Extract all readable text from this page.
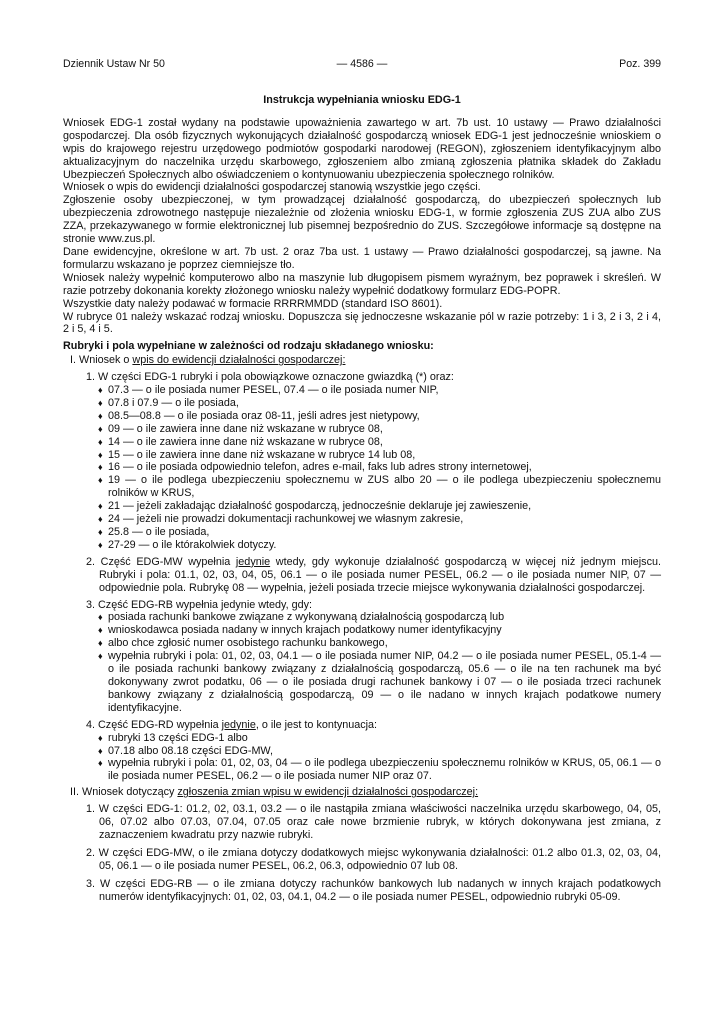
Dziennik Ustaw Nr 50	— 4586 —	Poz. 399
Instrukcja wypełniania wniosku EDG-1

Wniosek EDG-1 został wydany na podstawie upoważnienia zawartego w art. 7b ust. 10 ustawy — Prawo działalności gospodarczej. Dla osób fizycznych wykonujących działalność gospodarczą wniosek EDG-1 jest jednocześnie wnioskiem o wpis do krajowego rejestru urzędowego podmiotów gospodarki narodowej (REGON), zgłoszeniem identyfikacyjnym albo aktualizacyjnym do naczelnika urzędu skarbowego, zgłoszeniem albo zmianą zgłoszenia płatnika składek do Zakładu Ubezpieczeń Społecznych albo oświadczeniem o kontynuowaniu ubezpieczenia społecznego rolników.

Wniosek o wpis do ewidencji działalności gospodarczej stanowią wszystkie jego części.

Zgłoszenie osoby ubezpieczonej, w tym prowadzącej działalność gospodarczą, do ubezpieczeń społecznych lub ubezpieczenia zdrowotnego następuje niezależnie od złożenia wniosku EDG-1, w formie zgłoszenia ZUS ZUA albo ZUS ZZA, przekazywanego w formie elektronicznej lub pisemnej bezpośrednio do ZUS. Szczegółowe informacje są dostępne na stronie www.zus.pl.

Dane ewidencyjne, określone w art. 7b ust. 2 oraz 7ba ust. 1 ustawy — Prawo działalności gospodarczej, są jawne. Na formularzu wskazano je poprzez ciemniejsze tło.

Wniosek należy wypełnić komputerowo albo na maszynie lub długopisem pismem wyraźnym, bez poprawek i skreśleń. W razie potrzeby dokonania korekty złożonego wniosku należy wypełnić dodatkowy formularz EDG-POPR.

Wszystkie daty należy podawać w formacie RRRRMMDD (standard ISO 8601).

W rubryce 01 należy wskazać rodzaj wniosku. Dopuszcza się jednoczesne wskazanie pól w razie potrzeby: 1 i 3, 2 i 3, 2 i 4, 2 i 5, 4 i 5.

Rubryki i pola wypełniane w zależności od rodzaju składanego wniosku:
I. Wniosek o wpis do ewidencji działalności gospodarczej:
1. W części EDG-1 rubryki i pola obowiązkowe oznaczone gwiazdką (*) oraz:
♦ 07.3 — o ile posiada numer PESEL, 07.4 — o ile posiada numer NIP,
♦ 07.8 i 07.9 — o ile posiada,
♦ 08.5—08.8 — o ile posiada oraz 08-11, jeśli adres jest nietypowy,
♦ 09 — o ile zawiera inne dane niż wskazane w rubryce 08,
♦ 14 — o ile zawiera inne dane niż wskazane w rubryce 08,
♦ 15 — o ile zawiera inne dane niż wskazane w rubryce 14 lub 08,
♦ 16 — o ile posiada odpowiednio telefon, adres e-mail, faks lub adres strony internetowej,
♦ 19 — o ile podlega ubezpieczeniu społecznemu w ZUS albo 20 — o ile podlega ubezpieczeniu społecznemu rolników w KRUS,
♦ 21 — jeżeli zakładając działalność gospodarczą, jednocześnie deklaruje jej zawieszenie,
♦ 24 — jeżeli nie prowadzi dokumentacji rachunkowej we własnym zakresie,
♦ 25.8 — o ile posiada,
♦ 27-29 — o ile którakolwiek dotyczy.
2. Część EDG-MW wypełnia jedynie wtedy, gdy wykonuje działalność gospodarczą w więcej niż jednym miejscu. Rubryki i pola: 01.1, 02, 03, 04, 05, 06.1 — o ile posiada numer PESEL, 06.2 — o ile posiada numer NIP, 07 — odpowiednie pola. Rubrykę 08 — wypełnia, jeżeli posiada trzecie miejsce wykonywania działalności gospodarczej.
3. Część EDG-RB wypełnia jedynie wtedy, gdy:
♦ posiada rachunki bankowe związane z wykonywaną działalnością gospodarczą lub
♦ wnioskodawca posiada nadany w innych krajach podatkowy numer identyfikacyjny
♦ albo chce zgłosić numer osobistego rachunku bankowego,
♦ wypełnia rubryki i pola: 01, 02, 03, 04.1 — o ile posiada numer NIP, 04.2 — o ile posiada numer PESEL, 05.1-4 — o ile posiada rachunki bankowy związany z działalnością gospodarczą, 05.6 — o ile na ten rachunek ma być dokonywany zwrot podatku, 06 — o ile posiada drugi rachunek bankowy i 07 — o ile posiada trzeci rachunek bankowy związany z działalnością gospodarczą, 09 — o ile nadano w innych krajach podatkowe numery identyfikacyjne.
4. Część EDG-RD wypełnia jedynie, o ile jest to kontynuacja:
♦ rubryki 13 części EDG-1 albo
♦ 07.18 albo 08.18 części EDG-MW,
♦ wypełnia rubryki i pola: 01, 02, 03, 04 — o ile podlega ubezpieczeniu społecznemu rolników w KRUS, 05, 06.1 — o ile posiada numer PESEL, 06.2 — o ile posiada numer NIP oraz 07.
II. Wniosek dotyczący zgłoszenia zmian wpisu w ewidencji działalności gospodarczej:
1. W części EDG-1: 01.2, 02, 03.1, 03.2 — o ile nastąpiła zmiana właściwości naczelnika urzędu skarbowego, 04, 05, 06, 07.02 albo 07.03, 07.04, 07.05 oraz całe nowe brzmienie rubryk, w których dokonywana jest zmiana, z zaznaczeniem kwadratu przy nazwie rubryki.
2. W części EDG-MW, o ile zmiana dotyczy dodatkowych miejsc wykonywania działalności: 01.2 albo 01.3, 02, 03, 04, 05, 06.1 — o ile posiada numer PESEL, 06.2, 06.3, odpowiednio 07 lub 08.
3. W części EDG-RB — o ile zmiana dotyczy rachunków bankowych lub nadanych w innych krajach podatkowych numerów identyfikacyjnych: 01, 02, 03, 04.1, 04.2 — o ile posiada numer PESEL, odpowiednio rubryki 05-09.
